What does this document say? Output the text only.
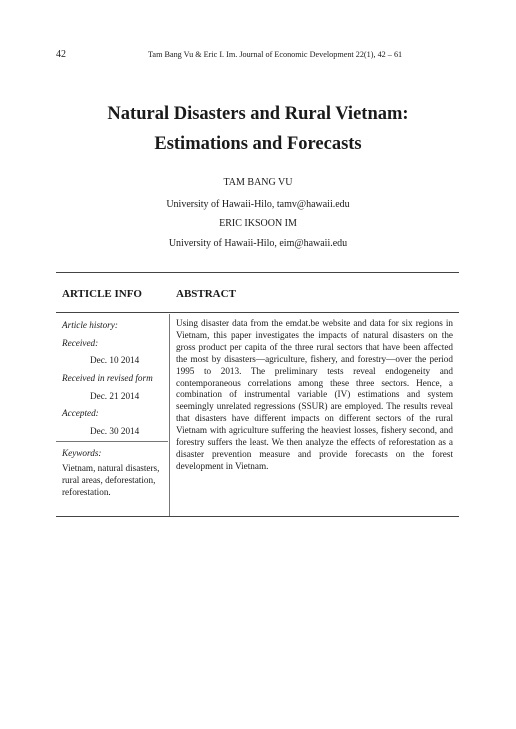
42	Tam Bang Vu & Eric I. Im. Journal of Economic Development 22(1), 42 – 61
Natural Disasters and Rural Vietnam:
Estimations and Forecasts
TAM BANG VU
University of Hawaii-Hilo, tamv@hawaii.edu
ERIC IKSOON IM
University of Hawaii-Hilo, eim@hawaii.edu
ARTICLE INFO	ABSTRACT
Article history:
Received:
Dec. 10 2014
Received in revised form
Dec. 21 2014
Accepted:
Dec. 30 2014
Keywords:
Vietnam, natural disasters, rural areas, deforestation, reforestation.
Using disaster data from the emdat.be website and data for six regions in Vietnam, this paper investigates the impacts of natural disasters on the gross product per capita of the three rural sectors that have been affected the most by disasters—agriculture, fishery, and forestry—over the period 1995 to 2013. The preliminary tests reveal endogeneity and contemporaneous correlations among these three sectors. Hence, a combination of instrumental variable (IV) estimations and system seemingly unrelated regressions (SSUR) are employed. The results reveal that disasters have different impacts on different sectors of the rural Vietnam with agriculture suffering the heaviest losses, fishery second, and forestry suffers the least. We then analyze the effects of reforestation as a disaster prevention measure and provide forecasts on the forest development in Vietnam.
